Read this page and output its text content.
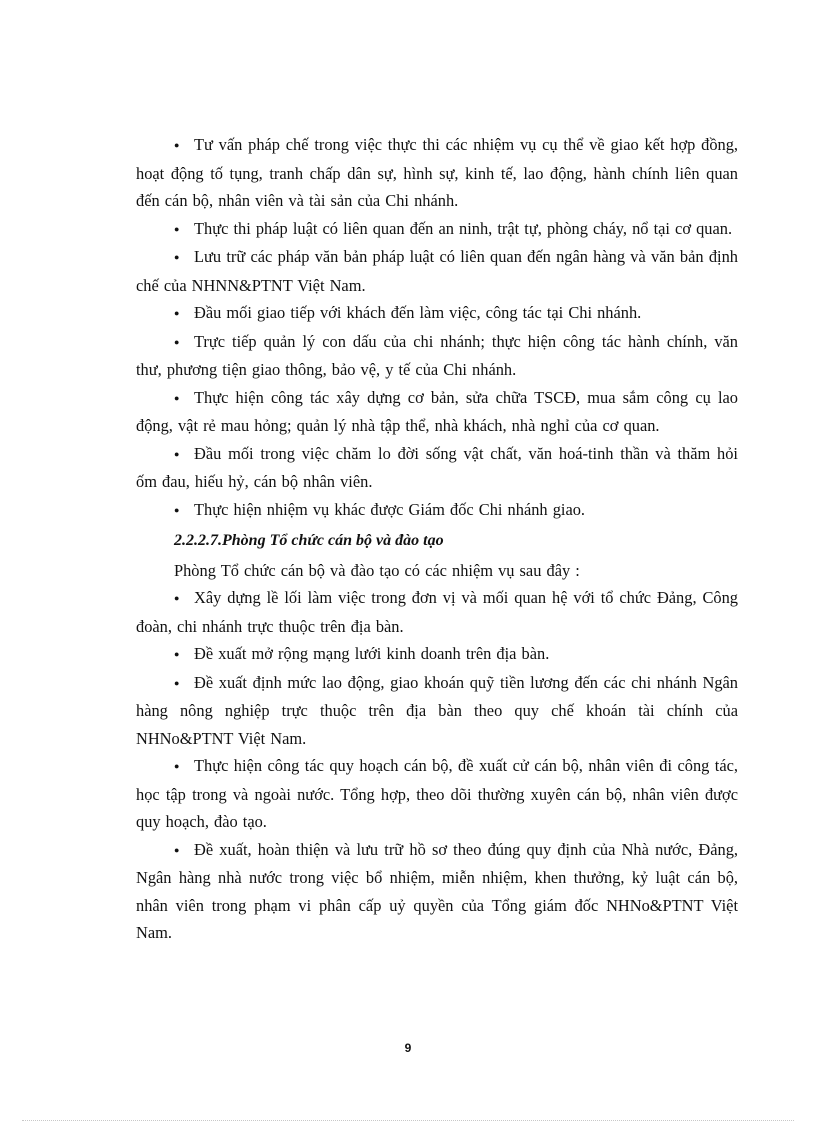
● Tư vấn pháp chế trong việc thực thi các nhiệm vụ cụ thể về giao kết hợp đồng, hoạt động tố tụng, tranh chấp dân sự, hình sự, kinh tế, lao động, hành chính liên quan đến cán bộ, nhân viên và tài sản của Chi nhánh.

● Thực thi pháp luật có liên quan đến an ninh, trật tự, phòng cháy, nổ tại cơ quan.

● Lưu trữ các pháp văn bản pháp luật có liên quan đến ngân hàng và văn bản định chế của NHNN&PTNT Việt Nam.

● Đầu mối giao tiếp với khách đến làm việc, công tác tại Chi nhánh.

● Trực tiếp quản lý con dấu của chi nhánh; thực hiện công tác hành chính, văn thư, phương tiện giao thông, bảo vệ, y tế của Chi nhánh.

● Thực hiện công tác xây dựng cơ bản, sửa chữa TSCĐ, mua sắm công cụ lao động, vật rẻ mau hỏng; quản lý nhà tập thể, nhà khách, nhà nghỉ của cơ quan.

● Đầu mối trong việc chăm lo đời sống vật chất, văn hoá-tinh thần và thăm hỏi ốm đau, hiếu hỷ, cán bộ nhân viên.

● Thực hiện nhiệm vụ khác được Giám đốc Chi nhánh giao.

2.2.2.7.Phòng Tổ chức cán bộ và đào tạo

Phòng Tổ chức cán bộ và đào tạo có các nhiệm vụ sau đây :

● Xây dựng lề lối làm việc trong đơn vị và mối quan hệ với tổ chức Đảng, Công đoàn, chi nhánh trực thuộc trên địa bàn.

● Đề xuất mở rộng mạng lưới kinh doanh trên địa bàn.

● Đề xuất định mức lao động, giao khoán quỹ tiền lương đến các chi nhánh Ngân hàng nông nghiệp trực thuộc trên địa bàn theo quy chế khoán tài chính của NHNo&PTNT Việt Nam.

● Thực hiện công tác quy hoạch cán bộ, đề xuất cử cán bộ, nhân viên đi công tác, học tập trong và ngoài nước. Tổng hợp, theo dõi thường xuyên cán bộ, nhân viên được quy hoạch, đào tạo.

● Đề xuất, hoàn thiện và lưu trữ hồ sơ theo đúng quy định của Nhà nước, Đảng, Ngân hàng nhà nước trong việc bổ nhiệm, miễn nhiệm, khen thưởng, kỷ luật cán bộ, nhân viên trong phạm vi phân cấp uỷ quyền của Tổng giám đốc NHNo&PTNT Việt Nam.

9
